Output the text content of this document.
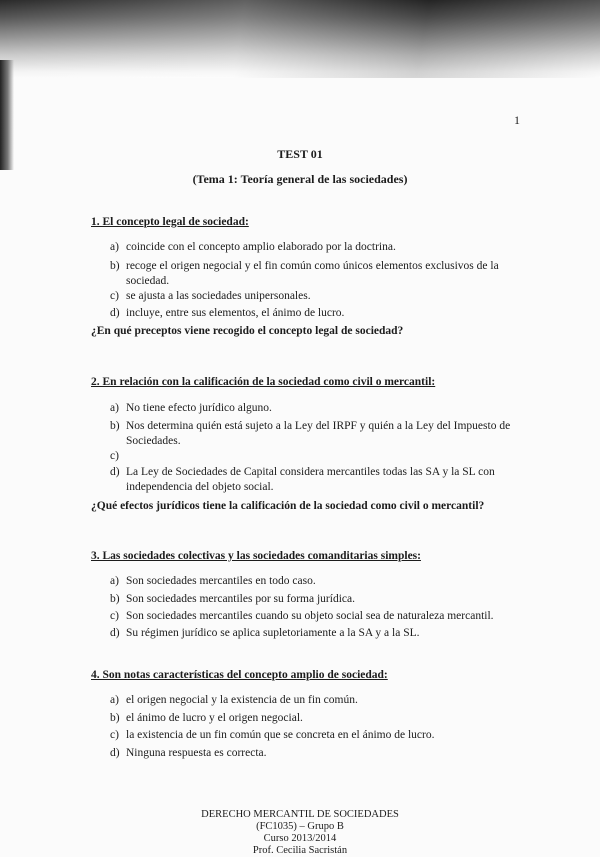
1
TEST 01
(Tema 1: Teoría general de las sociedades)
1. El concepto legal de sociedad:
a) coincide con el concepto amplio elaborado por la doctrina.
b) recoge el origen negocial y el fin común como únicos elementos exclusivos de la sociedad.
c) se ajusta a las sociedades unipersonales.
d) incluye, entre sus elementos, el ánimo de lucro.
¿En qué preceptos viene recogido el concepto legal de sociedad?
2. En relación con la calificación de la sociedad como civil o mercantil:
a) No tiene efecto jurídico alguno.
b) Nos determina quién está sujeto a la Ley del IRPF y quién a la Ley del Impuesto de Sociedades.
c)
d) La Ley de Sociedades de Capital considera mercantiles todas las SA y la SL con independencia del objeto social.
¿Qué efectos jurídicos tiene la calificación de la sociedad como civil o mercantil?
3. Las sociedades colectivas y las sociedades comanditarias simples:
a) Son sociedades mercantiles en todo caso.
b) Son sociedades mercantiles por su forma jurídica.
c) Son sociedades mercantiles cuando su objeto social sea de naturaleza mercantil.
d) Su régimen jurídico se aplica supletoriamente a la SA y a la SL.
4. Son notas características del concepto amplio de sociedad:
a) el origen negocial y la existencia de un fin común.
b) el ánimo de lucro y el origen negocial.
c) la existencia de un fin común que se concreta en el ánimo de lucro.
d) Ninguna respuesta es correcta.
DERECHO MERCANTIL DE SOCIEDADES
(FC1035) – Grupo B
Curso 2013/2014
Prof. Cecilia Sacristán
